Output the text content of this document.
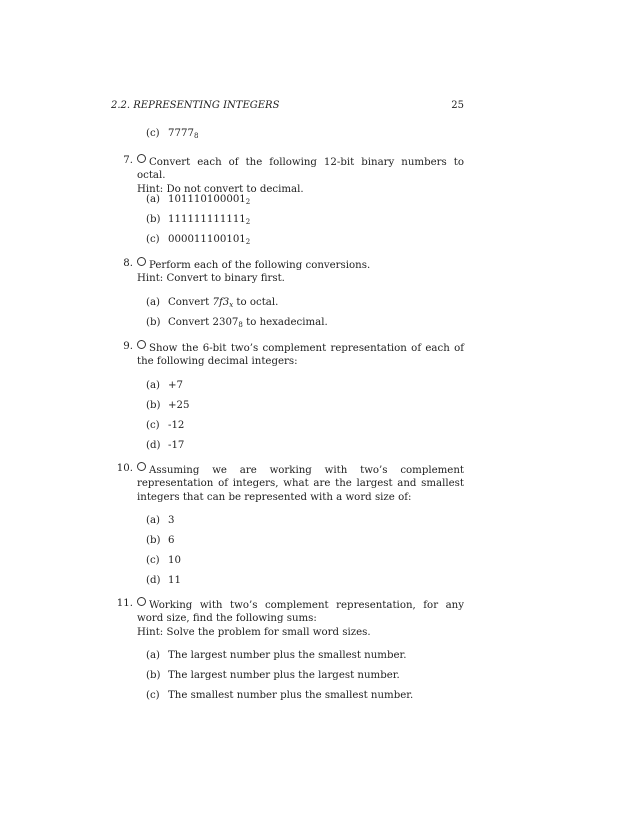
2.2. REPRESENTING INTEGERS	25
(c) $7777_8$
7.	Convert each of the following 12-bit binary numbers to octal.
Hint: Do not convert to decimal.
(a) $101110100001_2$
(b) $111111111111_2$
(c) $000011100101_2$
8.	Perform each of the following conversions.
Hint: Convert to binary first.
(a) Convert $7f3_x$ to octal.
(b) Convert $2307_8$ to hexadecimal.
9.	Show the 6-bit two’s complement representation of each of the following decimal integers:
(a) +7
(b) +25
(c) -12
(d) -17
10.	Assuming we are working with two’s complement representation of integers, what are the largest and smallest integers that can be represented with a word size of:
(a) 3
(b) 6
(c) 10
(d) 11
11.	Working with two’s complement representation, for any word size, find the following sums:
Hint: Solve the problem for small word sizes.
(a) The largest number plus the smallest number.
(b) The largest number plus the largest number.
(c) The smallest number plus the smallest number.
